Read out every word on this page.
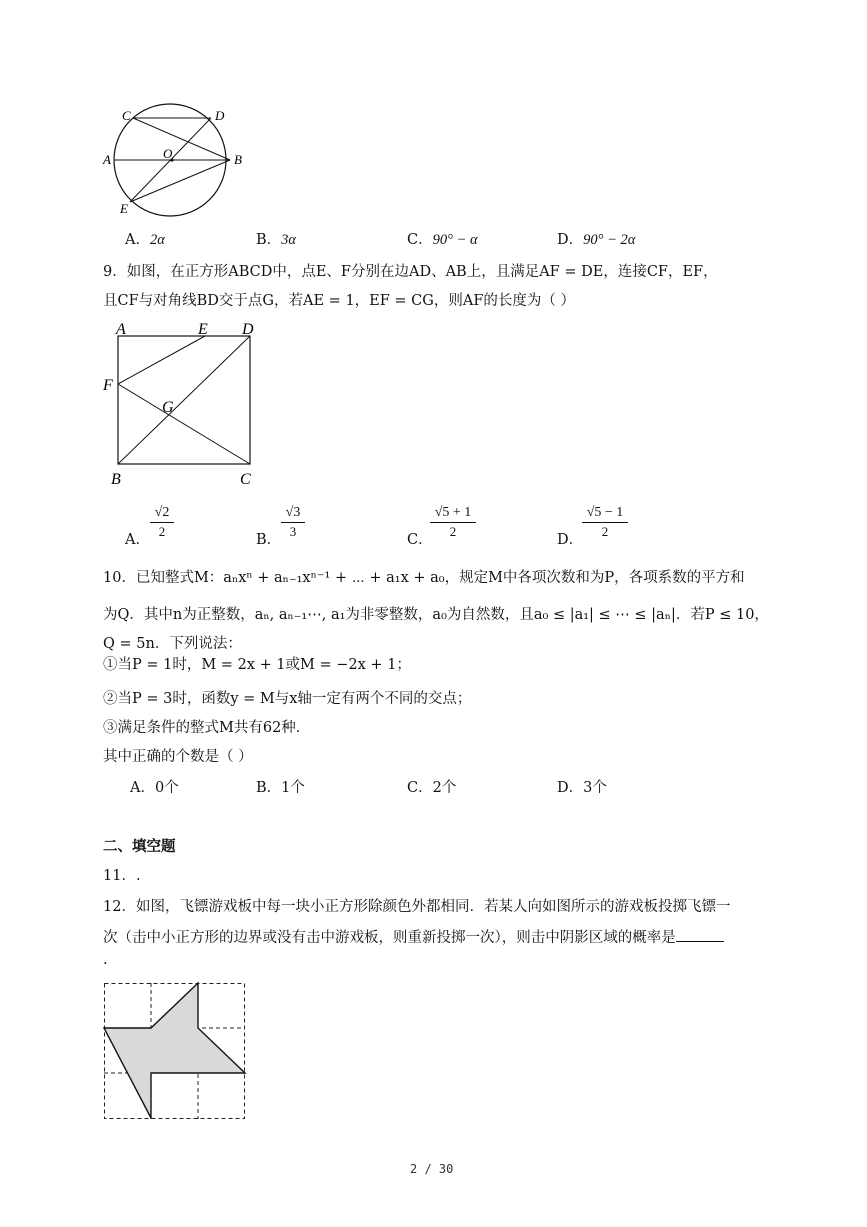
C	D
A	O	B
E
A．2α	B．3α	C．90° − α	D．90° − 2α
9．如图，在正方形ABCD中，点E、F分别在边AD、AB上，且满足AF = DE，连接CF，EF，
且CF与对角线BD交于点G，若AE = 1，EF = CG，则AF的长度为（ ）
A	E D
F
G
B	C
A．
√2
2
B．
√3
3
C．
√5 + 1
2
D．
√5 − 1
2
10．已知整式M：aₙxⁿ + aₙ₋₁xⁿ⁻¹ + ⋯ + a₁x + a₀，规定M中各项次数和为P，各项系数的平方和
为Q．其中n为正整数，aₙ, aₙ₋₁⋯, a₁为非零整数，a₀为自然数，且a₀ ≤ |a₁| ≤ ⋯ ≤ |aₙ|．若P ≤ 10，
Q = 5n．下列说法：
①当P = 1时，M = 2x + 1或M = −2x + 1；
②当P = 3时，函数y = M与x轴一定有两个不同的交点；
③满足条件的整式M共有62种．
其中正确的个数是（ ）
A．0个	B．1个	C．2个	D．3个
二、填空题
11．.
12．如图，飞镖游戏板中每一块小正方形除颜色外都相同．若某人向如图所示的游戏板投掷飞镖一
次（击中小正方形的边界或没有击中游戏板，则重新投掷一次），则击中阴影区域的概率是
.
2 / 30
